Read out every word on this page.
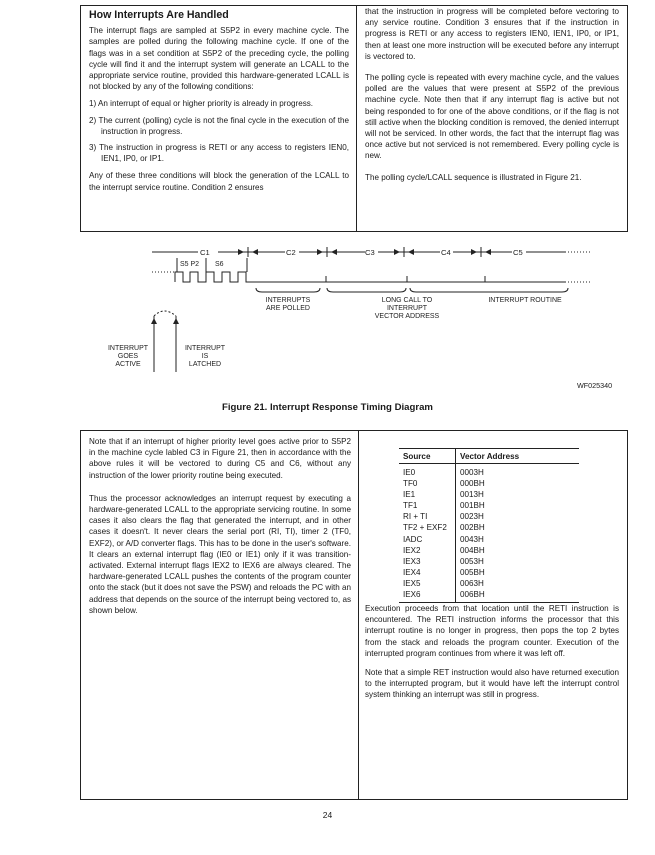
How Interrupts Are Handled

The interrupt flags are sampled at S5P2 in every machine cycle. The samples are polled during the following machine cycle. If one of the flags was in a set condition at S5P2 of the preceding cycle, the polling cycle will find it and the interrupt system will generate an LCALL to the appropriate service routine, provided this hardware-generated LCALL is not blocked by any of the following conditions:

1) An interrupt of equal or higher priority is already in progress.
2) The current (polling) cycle is not the final cycle in the execution of the instruction in progress.
3) The instruction in progress is RETI or any access to registers IEN0, IEN1, IP0, or IP1.

Any of these three conditions will block the generation of the LCALL to the interrupt service routine. Condition 2 ensures

that the instruction in progress will be completed before vectoring to any service routine. Condition 3 ensures that if the instruction in progress is RETI or any access to registers IEN0, IEN1, IP0, or IP1, then at least one more instruction will be executed before any interrupt is vectored to.

The polling cycle is repeated with every machine cycle, and the values polled are the values that were present at S5P2 of the previous machine cycle. Note then that if any interrupt flag is active but not being responded to for one of the above conditions, or if the flag is not still active when the blocking condition is removed, the denied interrupt will not be serviced. In other words, the fact that the interrupt flag was once active but not serviced is not remembered. Every polling cycle is new.

The polling cycle/LCALL sequence is illustrated in Figure 21.

C1	C2	C3	C4	C5
S5 P2 S6
INTERRUPTS
ARE POLLED
LONG CALL TO
INTERRUPT
VECTOR ADDRESS
INTERRUPT ROUTINE
INTERRUPT
GOES
ACTIVE
INTERRUPT
IS
LATCHED
WF025340
Figure 21. Interrupt Response Timing Diagram

Note that if an interrupt of higher priority level goes active prior to S5P2 in the machine cycle labled C3 in Figure 21, then in accordance with the above rules it will be vectored to during C5 and C6, without any instruction of the lower priority routine being executed.

Thus the processor acknowledges an interrupt request by executing a hardware-generated LCALL to the appropriate servicing routine. In some cases it also clears the flag that generated the interrupt, and in other cases it doesn't. It never clears the serial port (RI, TI), timer 2 (TF0, EXF2), or A/D converter flags. This has to be done in the user's software. It clears an external interrupt flag (IE0 or IE1) only if it was transition-activated. External interrupt flags IEX2 to IEX6 are always cleared. The hardware-generated LCALL pushes the contents of the program counter onto the stack (but it does not save the PSW) and reloads the PC with an address that depends on the source of the interrupt being vectored to, as shown below.

Source	Vector Address
IE0	0003H
TF0	000BH
IE1	0013H
TF1	001BH
RI + TI	0023H
TF2 + EXF2	002BH
IADC	0043H
IEX2	004BH
IEX3	0053H
IEX4	005BH
IEX5	0063H
IEX6	006BH

Execution proceeds from that location until the RETI instruction is encountered. The RETI instruction informs the processor that this interrupt routine is no longer in progress, then pops the top 2 bytes from the stack and reloads the program counter. Execution of the interrupted program continues from where it was left off.

Note that a simple RET instruction would also have returned execution to the interrupted program, but it would have left the interrupt control system thinking an interrupt was still in progress.

24
